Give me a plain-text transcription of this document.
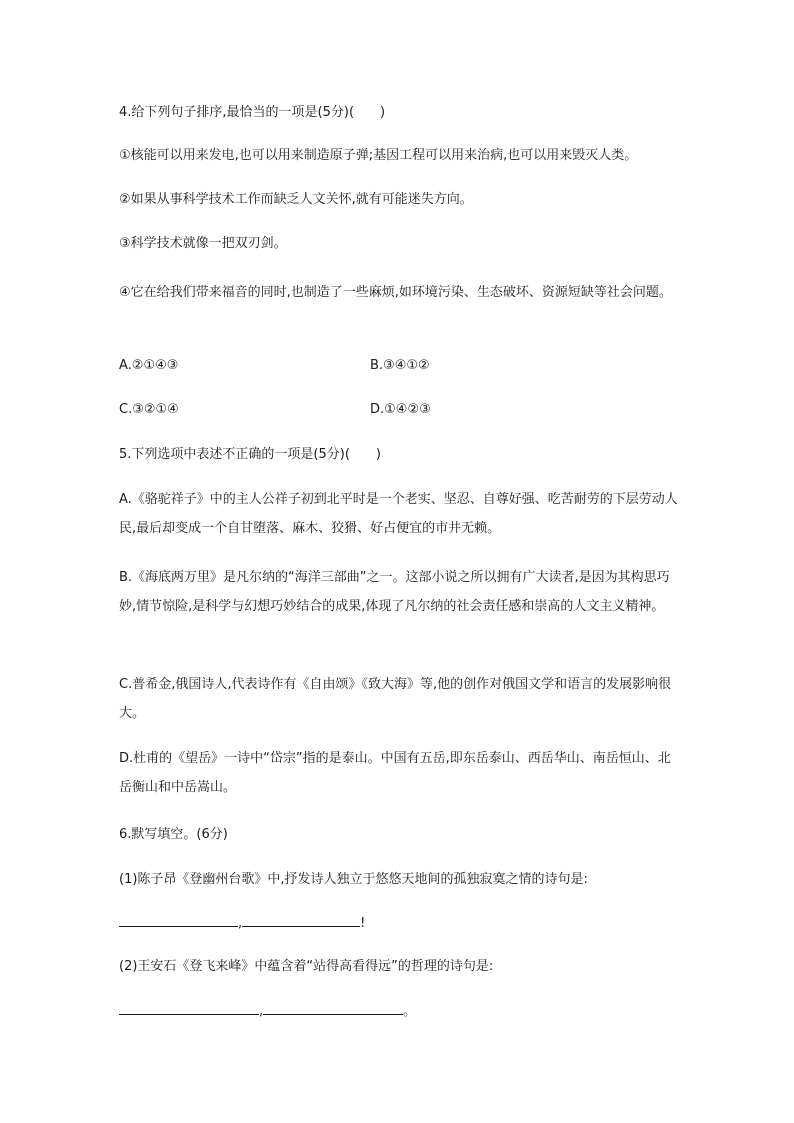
4.给下列句子排序,最恰当的一项是(5分)(　　)
①核能可以用来发电,也可以用来制造原子弹;基因工程可以用来治病,也可以用来毁灭人类。
②如果从事科学技术工作而缺乏人文关怀,就有可能迷失方向。
③科学技术就像一把双刃剑。
④它在给我们带来福音的同时,也制造了一些麻烦,如环境污染、生态破坏、资源短缺等社会问题。
A.②①④③	B.③④①②
C.③②①④	D.①④②③
5.下列选项中表述不正确的一项是(5分)(　　)
A.《骆驼祥子》中的主人公祥子初到北平时是一个老实、坚忍、自尊好强、吃苦耐劳的下层劳动人民,最后却变成一个自甘堕落、麻木、狡猾、好占便宜的市井无赖。
B.《海底两万里》是凡尔纳的“海洋三部曲”之一。这部小说之所以拥有广大读者,是因为其构思巧妙,情节惊险,是科学与幻想巧妙结合的成果,体现了凡尔纳的社会责任感和崇高的人文主义精神。
C.普希金,俄国诗人,代表诗作有《自由颂》《致大海》等,他的创作对俄国文学和语言的发展影响很大。
D.杜甫的《望岳》一诗中“岱宗”指的是泰山。中国有五岳,即东岳泰山、西岳华山、南岳恒山、北岳衡山和中岳嵩山。
6.默写填空。(6分)
(1)陈子昂《登幽州台歌》中,抒发诗人独立于悠悠天地间的孤独寂寞之情的诗句是:
,	!
(2)王安石《登飞来峰》中蕴含着“站得高看得远”的哲理的诗句是:
,	。
